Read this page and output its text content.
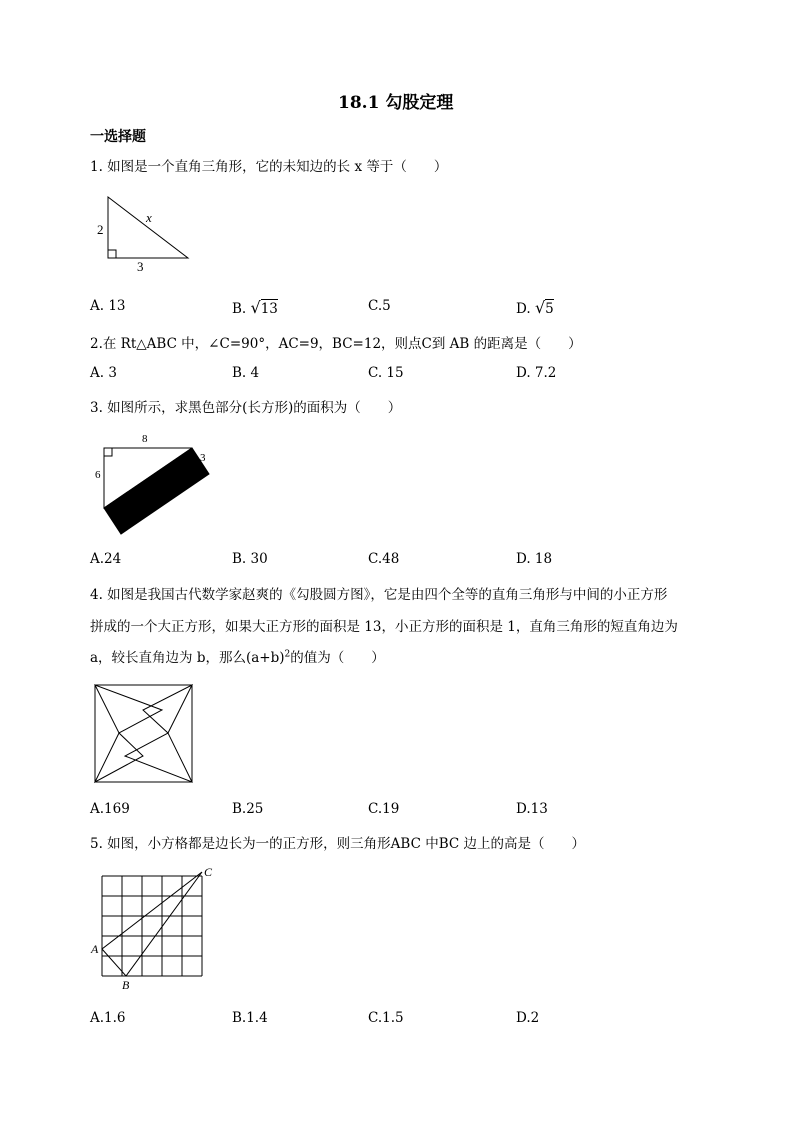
18.1 勾股定理
一选择题
1. 如图是一个直角三角形，它的未知边的长 x 等于（　　）
2
3
x
A. 13	B. √13	C.5	D. √5
2.在 Rt△ABC 中，∠C=90°，AC=9，BC=12，则点C到 AB 的距离是（　　）
A. 3	B. 4	C. 15	D. 7.2
3. 如图所示，求黑色部分(长方形)的面积为（　　）
8
6
3
A.24	B. 30	C.48	D. 18
4. 如图是我国古代数学家赵爽的《勾股圆方图》，它是由四个全等的直角三角形与中间的小正方形
拼成的一个大正方形，如果大正方形的面积是 13，小正方形的面积是 1，直角三角形的短直角边为
a，较长直角边为 b，那么$(a+b)^2$的值为（　　）
A.169	B.25	C.19	D.13
5. 如图，小方格都是边长为一的正方形，则三角形ABC 中BC 边上的高是（　　）
A
B
C
A.1.6	B.1.4	C.1.5	D.2
